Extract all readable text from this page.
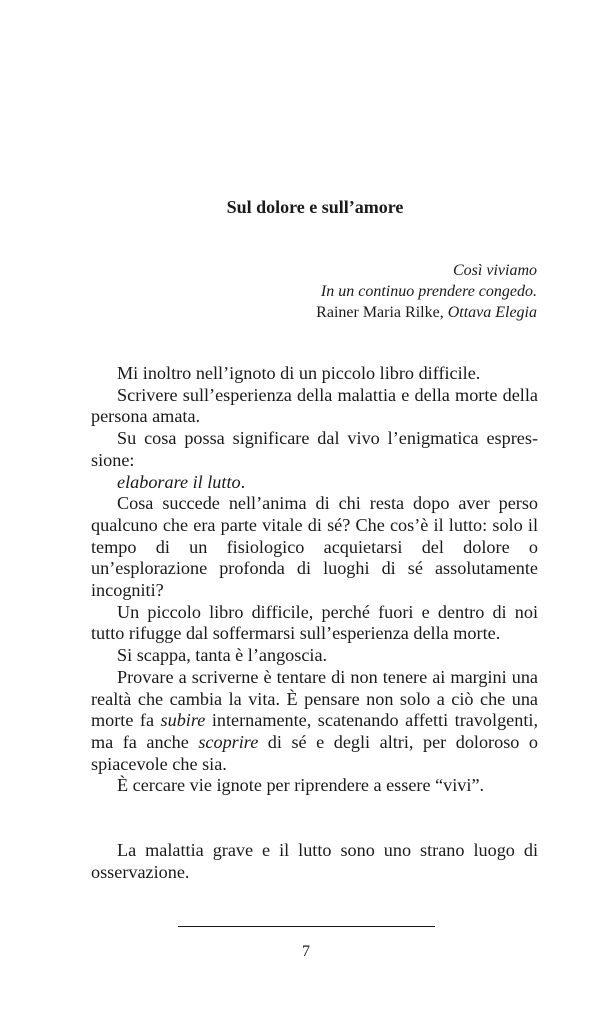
Sul dolore e sull’amore
Così viviamo
In un continuo prendere congedo.
Rainer Maria Rilke, Ottava Elegia

Mi inoltro nell’ignoto di un piccolo libro difficile.

Scrivere sull’esperienza della malattia e della morte della persona amata.

Su cosa possa significare dal vivo l’enigmatica espressione:

elaborare il lutto.

Cosa succede nell’anima di chi resta dopo aver perso qualcuno che era parte vitale di sé? Che cos’è il lutto: solo il tempo di un fisiologico acquietarsi del dolore o un’esplorazione profonda di luoghi di sé assolutamente incogniti?

Un piccolo libro difficile, perché fuori e dentro di noi tutto rifugge dal soffermarsi sull’esperienza della morte.

Si scappa, tanta è l’angoscia.

Provare a scriverne è tentare di non tenere ai margini una realtà che cambia la vita. È pensare non solo a ciò che una morte fa subire internamente, scatenando affetti travolgenti, ma fa anche scoprire di sé e degli altri, per doloroso o spiacevole che sia.

È cercare vie ignote per riprendere a essere “vivi”.

La malattia grave e il lutto sono uno strano luogo di osservazione.

7
